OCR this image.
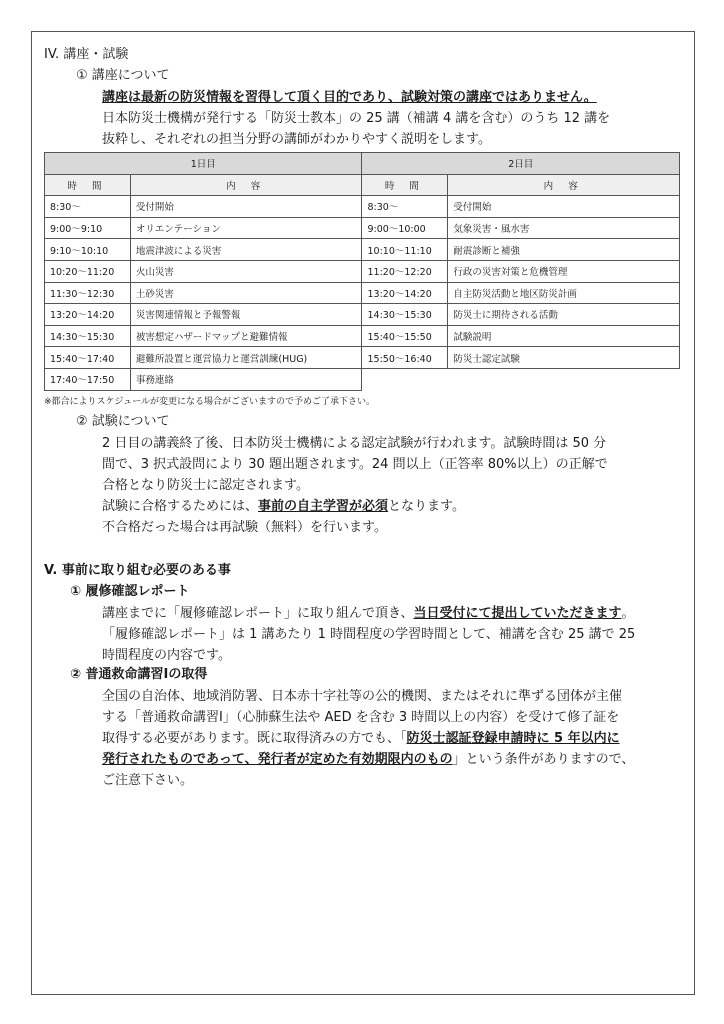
IV. 講座・試験
① 講座について
講座は最新の防災情報を習得して頂く目的であり、試験対策の講座ではありません。
日本防災士機構が発行する「防災士教本」の 25 講（補講 4 講を含む）のうち 12 講を
抜粋し、それぞれの担当分野の講師がわかりやすく説明をします。
1日目		2日目	
時 間	内 容	時 間	内 容
8:30～	受付開始	8:30～	受付開始
9:00～9:10	オリエンテーション	9:00～10:00	気象災害・風水害
9:10～10:10	地震津波による災害	10:10～11:10	耐震診断と補強
10:20～11:20	火山災害	11:20～12:20	行政の災害対策と危機管理
11:30～12:30	土砂災害	13:20～14:20	自主防災活動と地区防災計画
13:20～14:20	災害関連情報と予報警報	14:30～15:30	防災士に期待される活動
14:30～15:30	被害想定ハザードマップと避難情報	15:40～15:50	試験説明
15:40～17:40	避難所設置と運営協力と運営訓練(HUG)	15:50～16:40	防災士認定試験
17:40～17:50	事務連絡		
※都合によりスケジュールが変更になる場合がございますので予めご了承下さい。
② 試験について
2 日目の講義終了後、日本防災士機構による認定試験が行われます。試験時間は 50 分
間で、3 択式設問により 30 題出題されます。24 問以上（正答率 80%以上）の正解で
合格となり防災士に認定されます。
試験に合格するためには、事前の自主学習が必須となります。
不合格だった場合は再試験（無料）を行います。
V. 事前に取り組む必要のある事
① 履修確認レポート
講座までに「履修確認レポート」に取り組んで頂き、当日受付にて提出していただきます。
「履修確認レポート」は 1 講あたり 1 時間程度の学習時間として、補講を含む 25 講で 25
時間程度の内容です。
② 普通救命講習Ⅰの取得
全国の自治体、地域消防署、日本赤十字社等の公的機関、またはそれに準ずる団体が主催
する「普通救命講習Ⅰ」（心肺蘇生法や AED を含む 3 時間以上の内容）を受けて修了証を
取得する必要があります。既に取得済みの方でも、「防災士認証登録申請時に 5 年以内に
発行されたものであって、発行者が定めた有効期限内のもの」という条件がありますので、
ご注意下さい。
